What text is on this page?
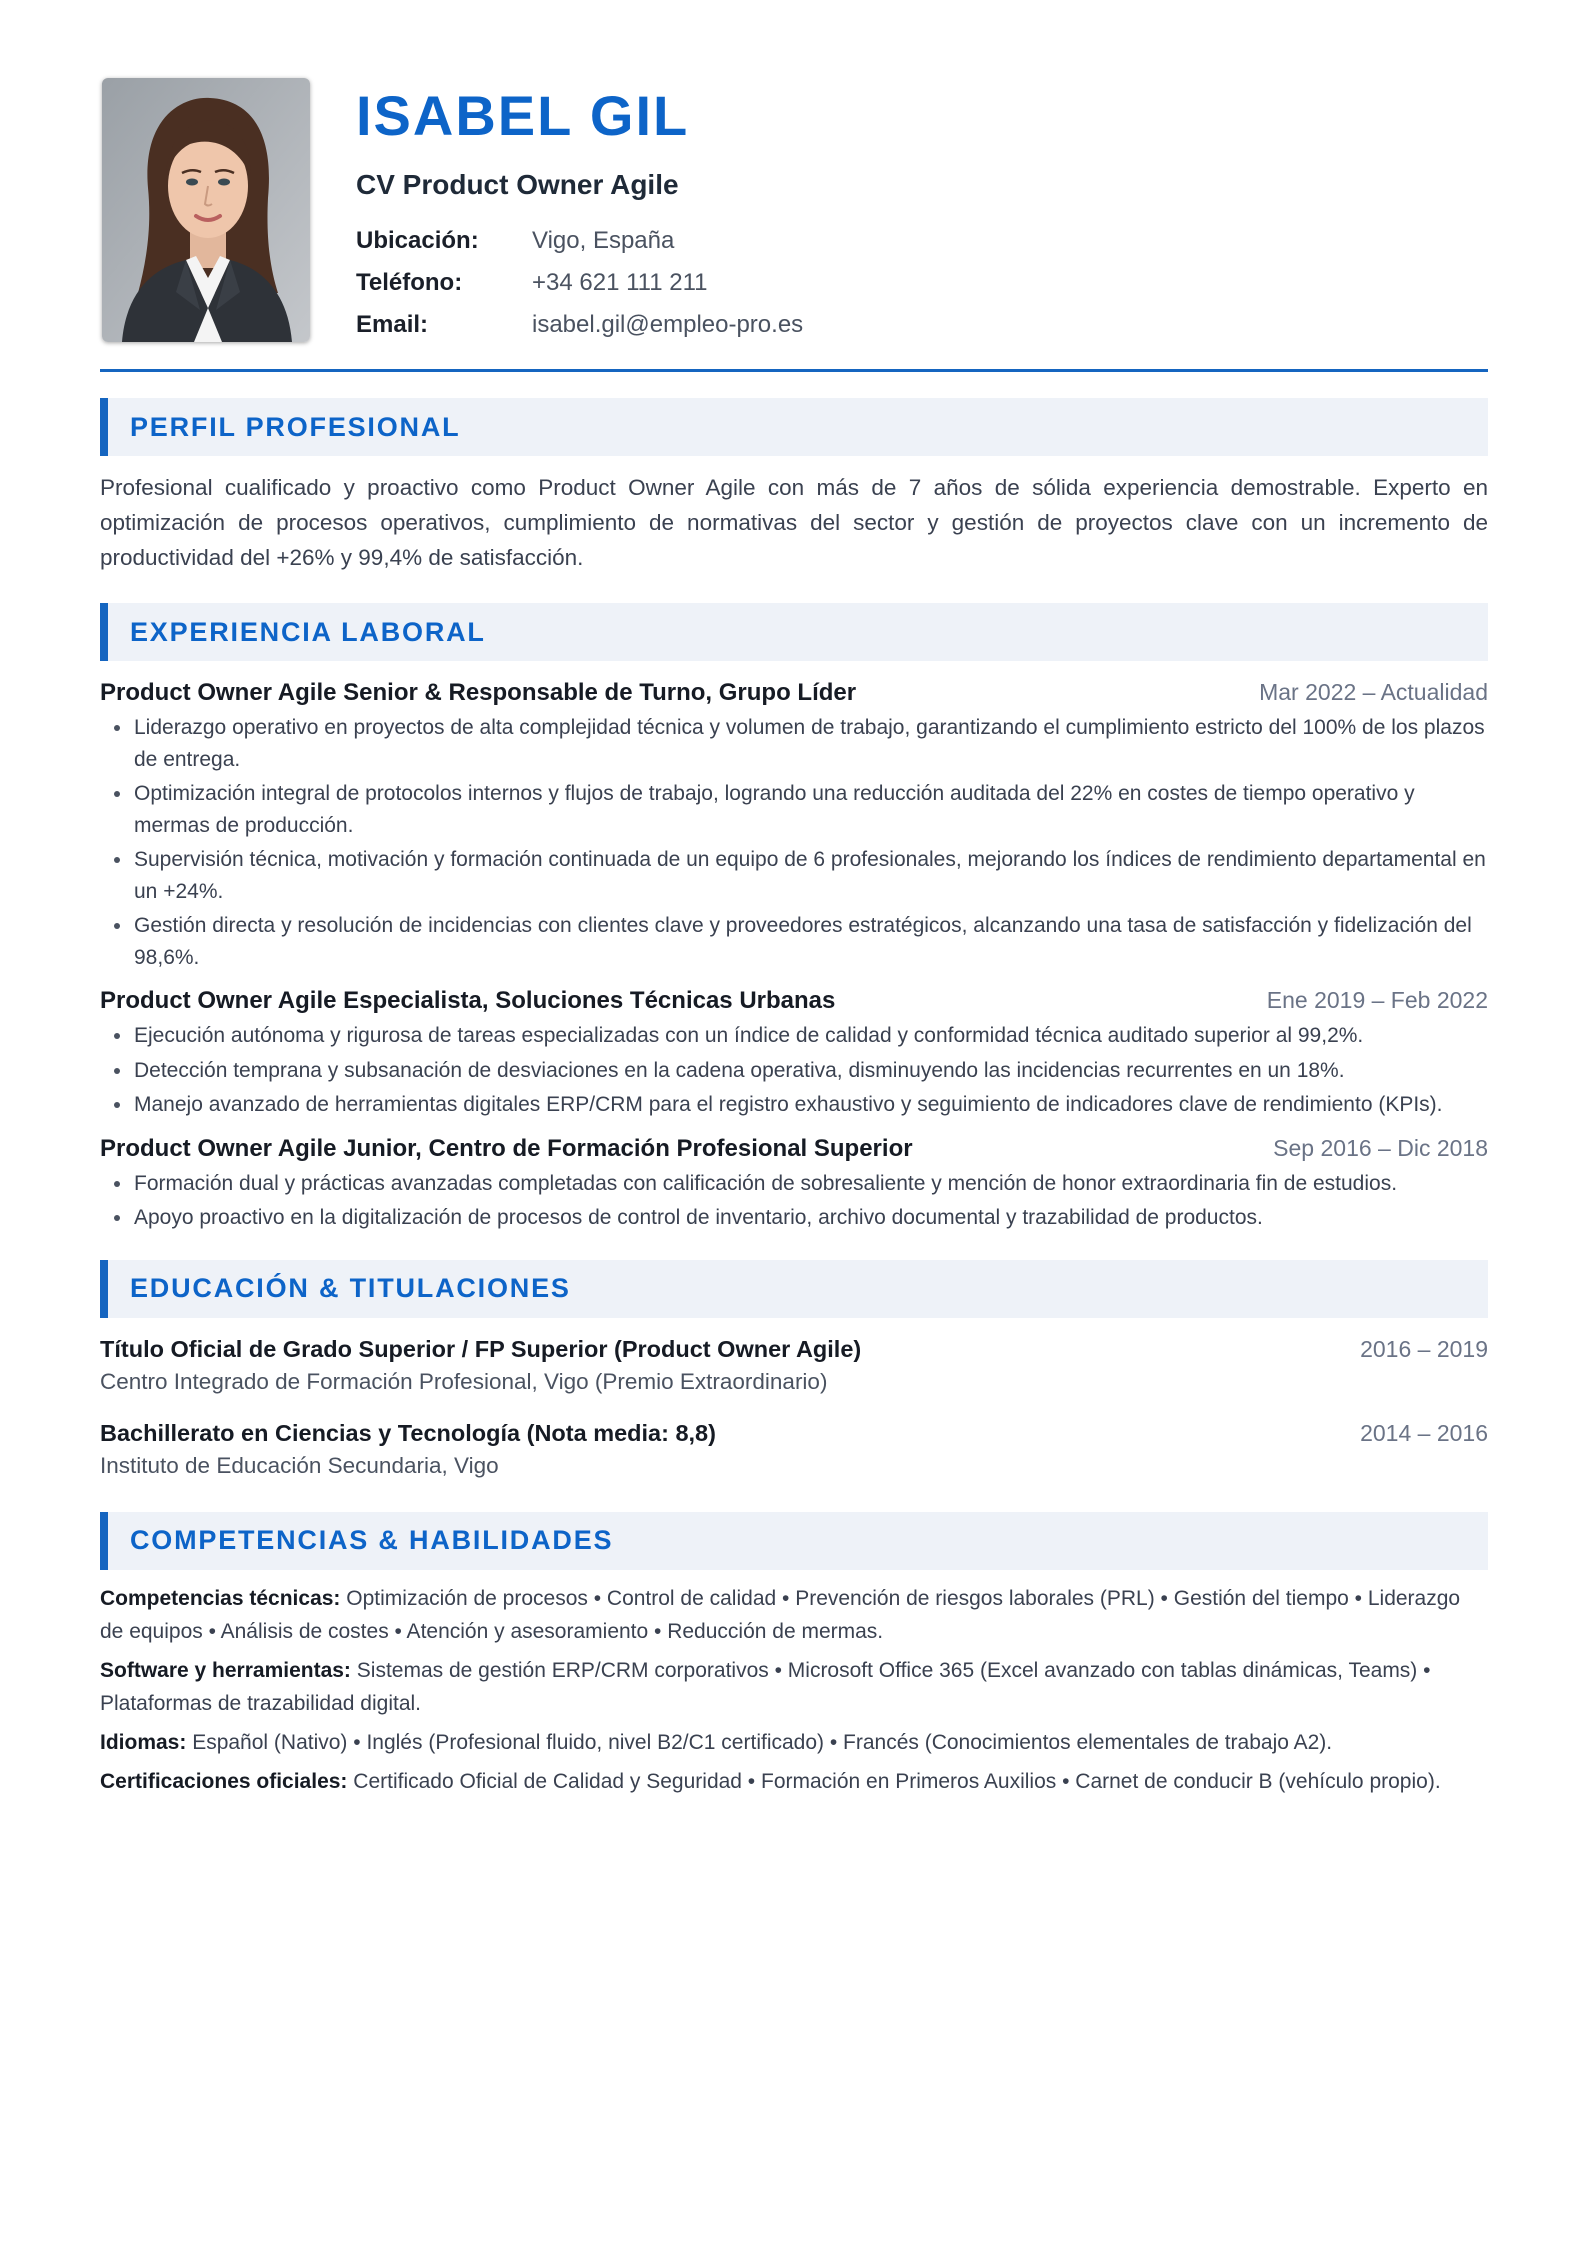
ISABEL GIL
CV Product Owner Agile
Ubicación:	Vigo, España
Teléfono:	+34 621 111 211
Email:	isabel.gil@empleo-pro.es
PERFIL PROFESIONAL

Profesional cualificado y proactivo como Product Owner Agile con más de 7 años de sólida experiencia demostrable. Experto en optimización de procesos operativos, cumplimiento de normativas del sector y gestión de proyectos clave con un incremento de productividad del +26% y 99,4% de satisfacción.

EXPERIENCIA LABORAL
Product Owner Agile Senior & Responsable de Turno, Grupo Líder	Mar 2022 – Actualidad
Liderazgo operativo en proyectos de alta complejidad técnica y volumen de trabajo, garantizando el cumplimiento estricto del 100% de los plazos de entrega.
Optimización integral de protocolos internos y flujos de trabajo, logrando una reducción auditada del 22% en costes de tiempo operativo y mermas de producción.
Supervisión técnica, motivación y formación continuada de un equipo de 6 profesionales, mejorando los índices de rendimiento departamental en un +24%.
Gestión directa y resolución de incidencias con clientes clave y proveedores estratégicos, alcanzando una tasa de satisfacción y fidelización del 98,6%.
Product Owner Agile Especialista, Soluciones Técnicas Urbanas	Ene 2019 – Feb 2022
Ejecución autónoma y rigurosa de tareas especializadas con un índice de calidad y conformidad técnica auditado superior al 99,2%.
Detección temprana y subsanación de desviaciones en la cadena operativa, disminuyendo las incidencias recurrentes en un 18%.
Manejo avanzado de herramientas digitales ERP/CRM para el registro exhaustivo y seguimiento de indicadores clave de rendimiento (KPIs).
Product Owner Agile Junior, Centro de Formación Profesional Superior	Sep 2016 – Dic 2018
Formación dual y prácticas avanzadas completadas con calificación de sobresaliente y mención de honor extraordinaria fin de estudios.
Apoyo proactivo en la digitalización de procesos de control de inventario, archivo documental y trazabilidad de productos.
EDUCACIÓN & TITULACIONES
Título Oficial de Grado Superior / FP Superior (Product Owner Agile)	2016 – 2019
Centro Integrado de Formación Profesional, Vigo (Premio Extraordinario)
Bachillerato en Ciencias y Tecnología (Nota media: 8,8)	2014 – 2016
Instituto de Educación Secundaria, Vigo
COMPETENCIAS & HABILIDADES

Competencias técnicas: Optimización de procesos • Control de calidad • Prevención de riesgos laborales (PRL) • Gestión del tiempo • Liderazgo de equipos • Análisis de costes • Atención y asesoramiento • Reducción de mermas.

Software y herramientas: Sistemas de gestión ERP/CRM corporativos • Microsoft Office 365 (Excel avanzado con tablas dinámicas, Teams) • Plataformas de trazabilidad digital.

Idiomas: Español (Nativo) • Inglés (Profesional fluido, nivel B2/C1 certificado) • Francés (Conocimientos elementales de trabajo A2).

Certificaciones oficiales: Certificado Oficial de Calidad y Seguridad • Formación en Primeros Auxilios • Carnet de conducir B (vehículo propio).
